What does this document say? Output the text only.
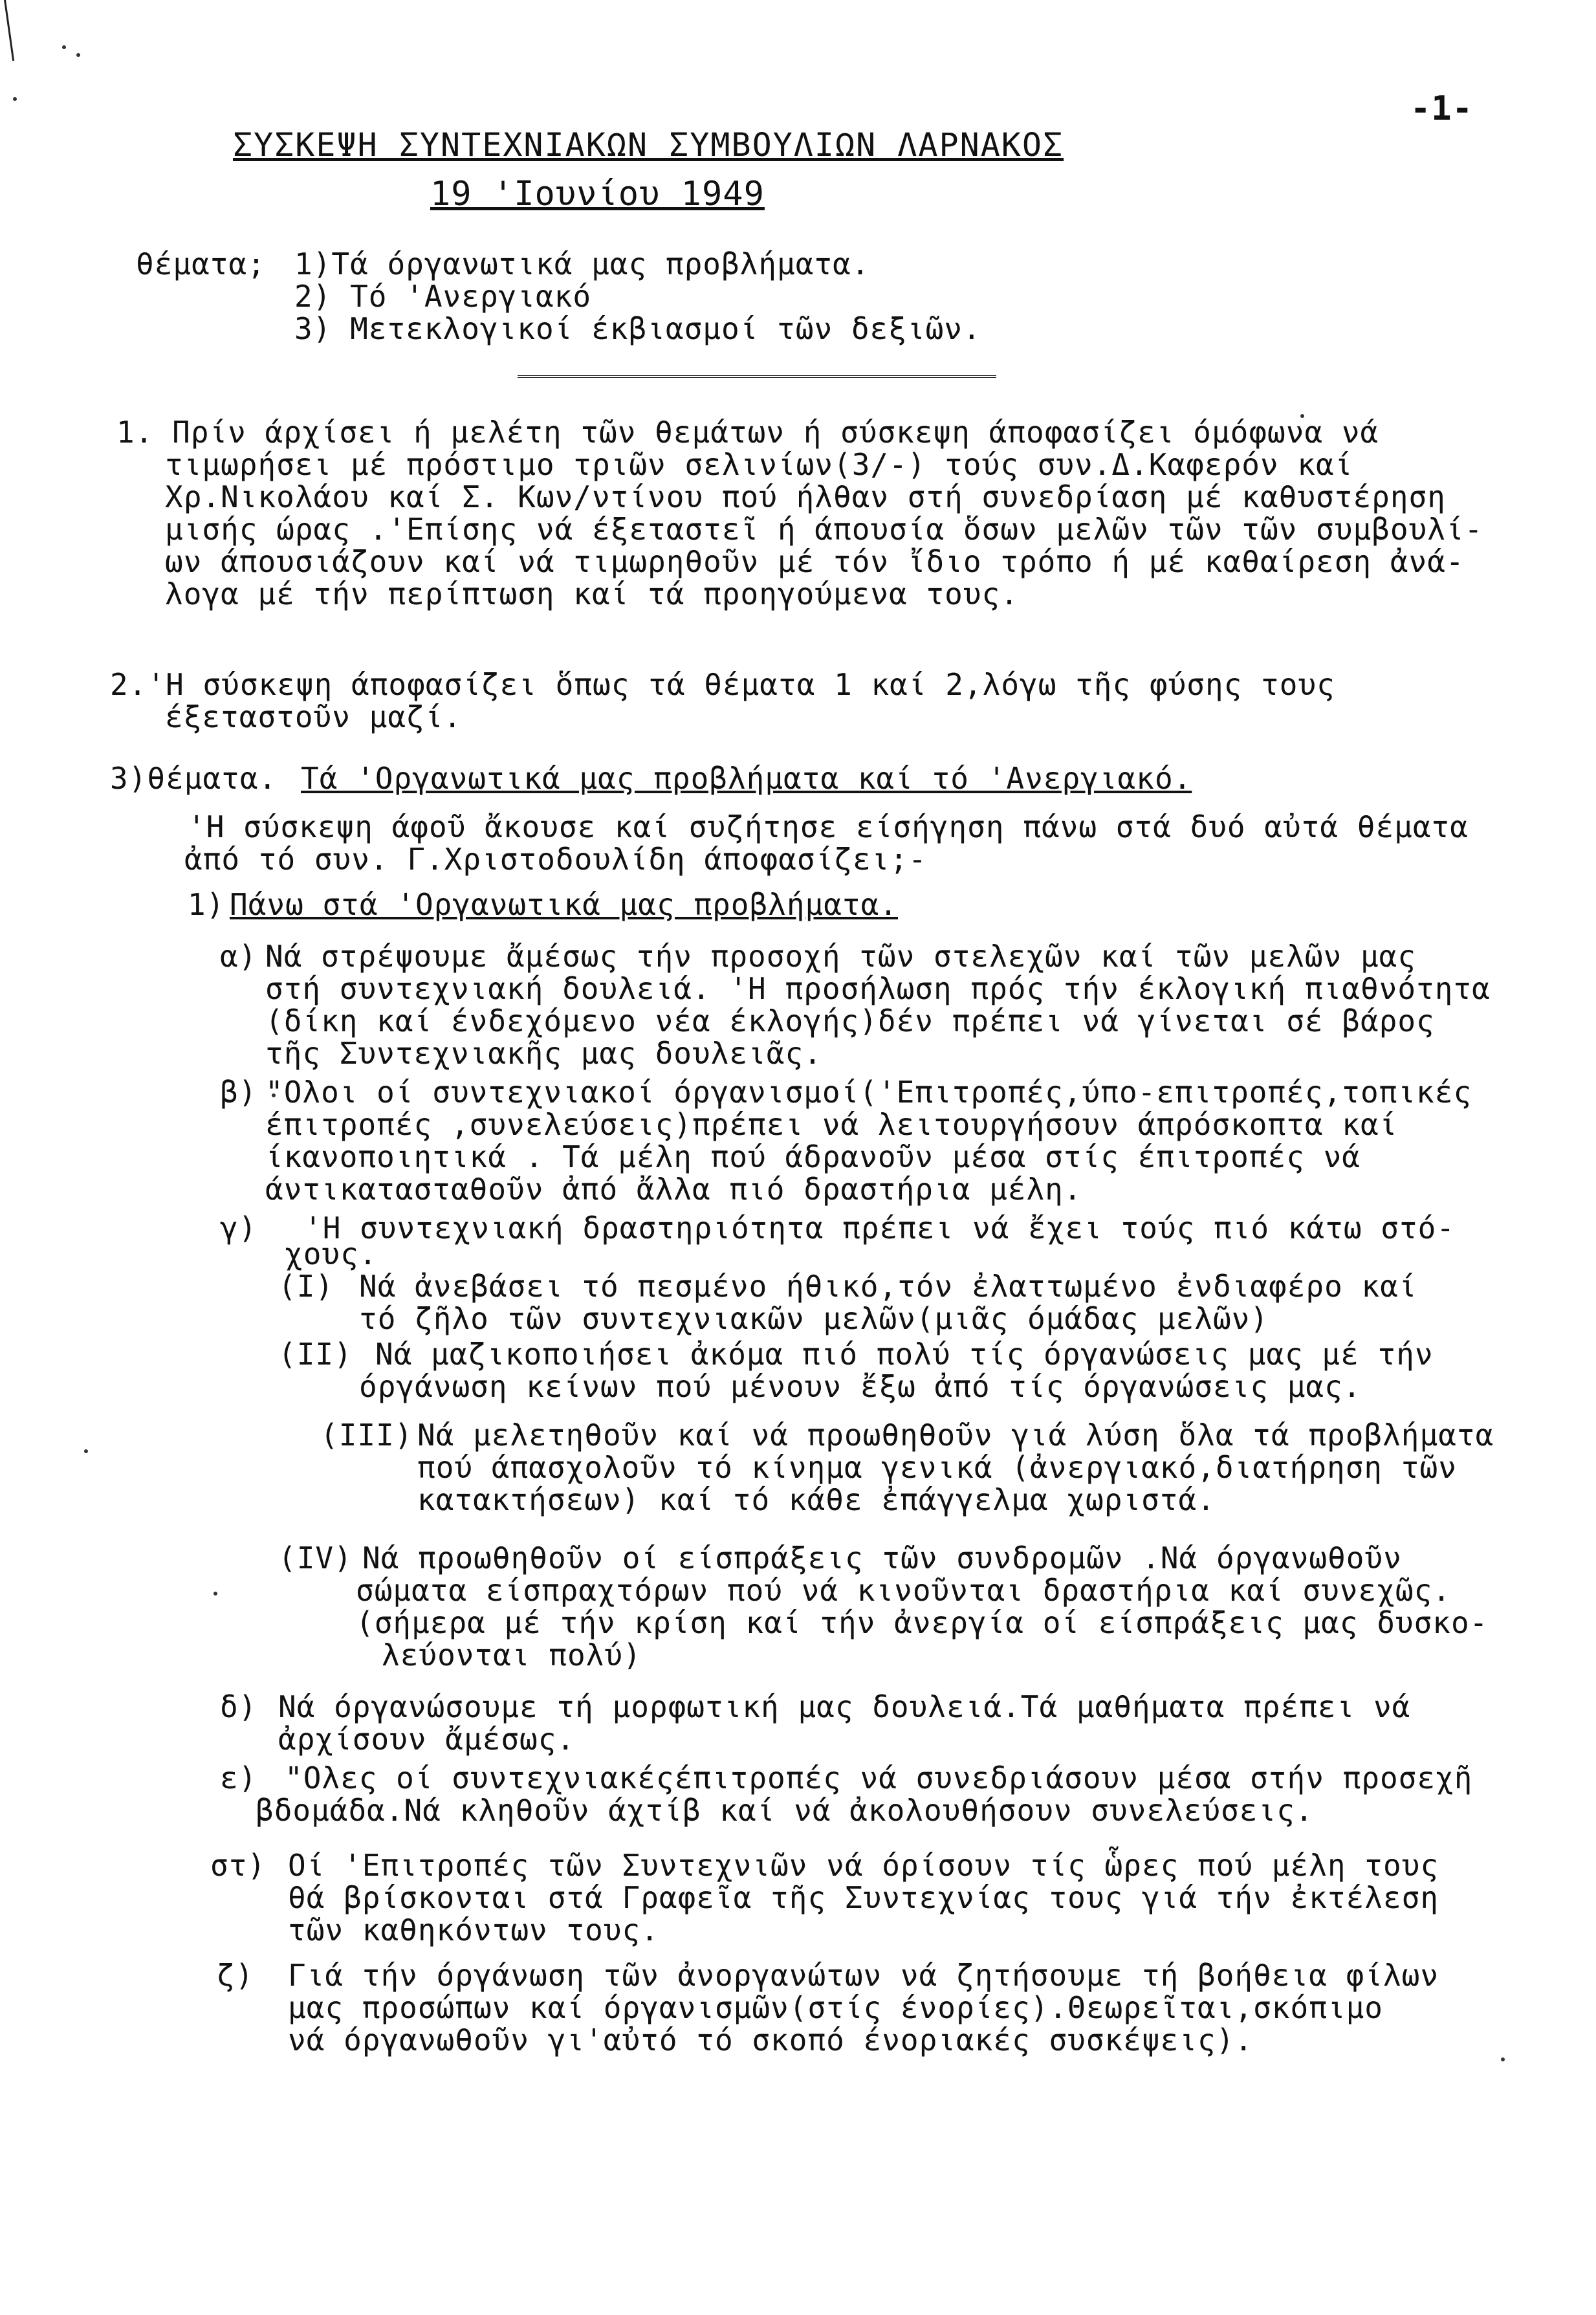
-1-
ΣΥΣΚΕΨΗ ΣΥΝΤΕΧΝΙΑΚΩΝ ΣΥΜΒΟΥΛΙΩΝ ΛΑΡΝΑΚΟΣ
19 'Ιουνίου 1949
θέματα; 1)Τά όργανωτικά μας προβλήματα.
2) Τό 'Ανεργιακό
3) Μετεκλογικοί έκβιασμοί τῶν δεξιῶν.
1. Πρίν άρχίσει ή μελέτη τῶν θεμάτων ή σύσκεψη άποφασίζει όμόφωνα νά
τιμωρήσει μέ πρόστιμο τριῶν σελινίων(3/-) τούς συν.Δ.Καφερόν καί
Χρ.Νικολάου καί Σ. Κων/ντίνου πού ήλθαν στή συνεδρίαση μέ καθυστέρηση
μισής ώρας .'Επίσης νά έξεταστεῖ ή άπουσία ὅσων μελῶν τῶν τῶν συμβουλί-
ων άπουσιάζουν καί νά τιμωρηθοῦν μέ τόν ἴδιο τρόπο ή μέ καθαίρεση ἀνά-
λογα μέ τήν περίπτωση καί τά προηγούμενα τους.
2.'Η σύσκεψη άποφασίζει ὅπως τά θέματα 1 καί 2,λόγω τῆς φύσης τους
έξεταστοῦν μαζί.
3)θέματα. Τά 'Οργανωτικά μας προβλήματα καί τό 'Ανεργιακό.
'Η σύσκεψη άφοῦ ἄκουσε καί συζήτησε είσήγηση πάνω στά δυό αὐτά θέματα
ἀπό τό συν. Γ.Χριστοδουλίδη άποφασίζει;-
1) Πάνω στά 'Οργανωτικά μας προβλήματα.
α) Νά στρέψουμε ἄμέσως τήν προσοχή τῶν στελεχῶν καί τῶν μελῶν μας
στή συντεχνιακή δουλειά. 'Η προσήλωση πρός τήν έκλογική πιαθνότητα
(δίκη καί ένδεχόμενο νέα έκλογής)δέν πρέπει νά γίνεται σέ βάρος
τῆς Συντεχνιακῆς μας δουλειᾶς.
β) "Ολοι οί συντεχνιακοί όργανισμοί('Επιτροπές,ύπο-επιτροπές,τοπικές
έπιτροπές ,συνελεύσεις)πρέπει νά λειτουργήσουν άπρόσκοπτα καί
ίκανοποιητικά . Τά μέλη πού άδρανοῦν μέσα στίς έπιτροπές νά
άντικατασταθοῦν ἀπό ἄλλα πιό δραστήρια μέλη.
γ) 'Η συντεχνιακή δραστηριότητα πρέπει νά ἔχει τούς πιό κάτω στό-
χους.
(I) Νά ἀνεβάσει τό πεσμένο ήθικό,τόν ἐλαττωμένο ἐνδιαφέρο καί
τό ζῆλο τῶν συντεχνιακῶν μελῶν(μιᾶς όμάδας μελῶν)
(II) Νά μαζικοποιήσει ἀκόμα πιό πολύ τίς όργανώσεις μας μέ τήν
όργάνωση κείνων πού μένουν ἔξω ἀπό τίς όργανώσεις μας.
(III) Νά μελετηθοῦν καί νά προωθηθοῦν γιά λύση ὅλα τά προβλήματα
πού άπασχολοῦν τό κίνημα γενικά (ἀνεργιακό,διατήρηση τῶν
κατακτήσεων) καί τό κάθε ἐπάγγελμα χωριστά.
(IV) Νά προωθηθοῦν οί είσπράξεις τῶν συνδρομῶν .Νά όργανωθοῦν
σώματα είσπραχτόρων πού νά κινοῦνται δραστήρια καί συνεχῶς.
(σήμερα μέ τήν κρίση καί τήν ἀνεργία οί είσπράξεις μας δυσκο-
λεύονται πολύ)
δ) Νά όργανώσουμε τή μορφωτική μας δουλειά.Τά μαθήματα πρέπει νά
ἀρχίσουν ἄμέσως.
ε) "Ολες οί συντεχνιακέςέπιτροπές νά συνεδριάσουν μέσα στήν προσεχῆ
βδομάδα.Νά κληθοῦν άχτίβ καί νά ἀκολουθήσουν συνελεύσεις.
στ) Οί 'Επιτροπές τῶν Συντεχνιῶν νά όρίσουν τίς ὧρες πού μέλη τους
θά βρίσκονται στά Γραφεῖα τῆς Συντεχνίας τους γιά τήν ἐκτέλεση
τῶν καθηκόντων τους.
ζ) Γιά τήν όργάνωση τῶν ἀνοργανώτων νά ζητήσουμε τή βοήθεια φίλων
μας προσώπων καί όργανισμῶν(στίς ένορίες).Θεωρεῖται,σκόπιμο
νά όργανωθοῦν γι'αὐτό τό σκοπό ένοριακές συσκέψεις).
